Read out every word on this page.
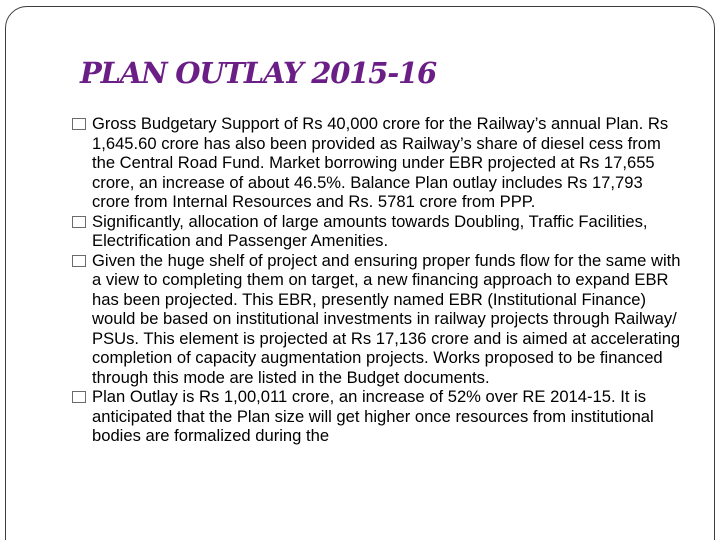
PLAN OUTLAY 2015-16
Gross Budgetary Support of Rs 40,000 crore for the Railway’s annual Plan. Rs 1,645.60 crore has also been provided as Railway’s share of diesel cess from the Central Road Fund. Market borrowing under EBR projected at Rs 17,655 crore, an increase of about 46.5%. Balance Plan outlay includes Rs 17,793 crore from Internal Resources and Rs. 5781 crore from PPP.
Significantly, allocation of large amounts towards Doubling, Traffic Facilities, Electrification and Passenger Amenities.
Given the huge shelf of project and ensuring proper funds flow for the same with a view to completing them on target, a new financing approach to expand EBR has been projected. This EBR, presently named EBR (Institutional Finance) would be based on institutional investments in railway projects through Railway/ PSUs. This element is projected at Rs 17,136 crore and is aimed at accelerating completion of capacity augmentation projects. Works proposed to be financed through this mode are listed in the Budget documents.
Plan Outlay is Rs 1,00,011 crore, an increase of 52% over RE 2014-15. It is anticipated that the Plan size will get higher once resources from institutional bodies are formalized during the
